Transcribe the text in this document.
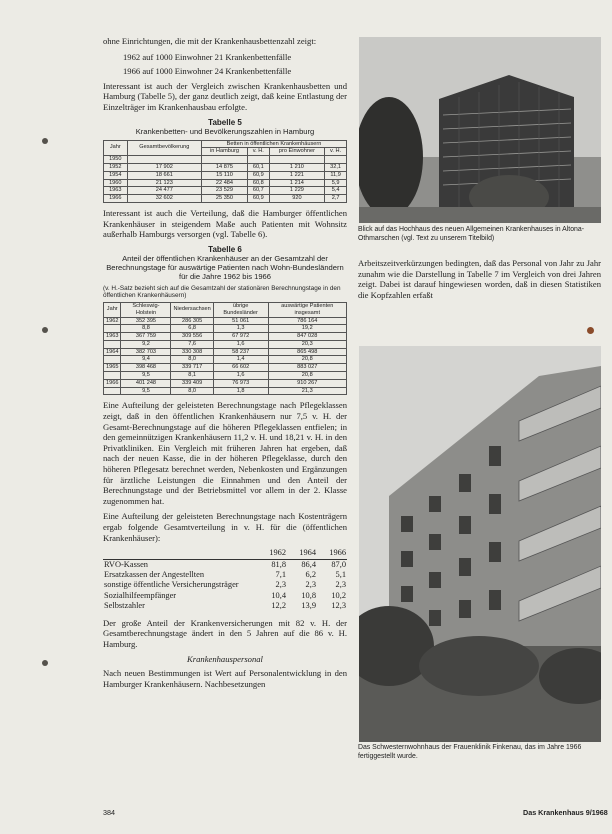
ohne Einrichtungen, die mit der Krankenhausbettenzahl zeigt:

1962 auf 1000 Einwohner 21 Krankenbettenfälle

1966 auf 1000 Einwohner 24 Krankenbettenfälle

Interessant ist auch der Vergleich zwischen Krankenhausbetten und Hamburg (Tabelle 5), der ganz deutlich zeigt, daß keine Entlastung der Einzelträger im Krankenhausbau erfolgte.

Tabelle 5
Krankenbetten- und Bevölkerungszahlen in Hamburg
Jahr	Gesamtbevölkerung	Betten in öffentlichen Krankenhäusern			
		in Hamburg	v. H.	pro Einwohner	v. H.
1950					
1952	17 902	14 875	60,1	1 210	32,1
1954	18 661	15 110	60,9	1 221	11,9
1960	21 123	22 484	60,8	1 214	5,9
1963	24 477	23 529	60,7	1 229	5,4
1966	32 602	25 350	60,9	920	2,7

Interessant ist auch die Verteilung, daß die Hamburger öffentlichen Krankenhäuser in steigendem Maße auch Patienten mit Wohnsitz außerhalb Hamburgs versorgen (vgl. Tabelle 6).

Tabelle 6
Anteil der öffentlichen Krankenhäuser an der Gesamtzahl der Berechnungstage für auswärtige Patienten nach Wohn-Bundesländern für die Jahre 1962 bis 1966
(v. H.-Satz bezieht sich auf die Gesamtzahl der stationären Berechnungstage in den öffentlichen Krankenhäusern)
Jahr	Schleswig-Holstein	Niedersachsen	übrige Bundesländer	auswärtige Patienten insgesamt
1962	352 395	286 305	51 061	786 164
	8,8	6,8	1,3	19,2
1963	367 759	309 556	67 972	847 028
	9,2	7,6	1,6	20,3
1964	382 703	330 308	58 237	865 498
	9,4	8,0	1,4	20,8
1965	398 468	339 717	66 602	883 027
	9,5	8,1	1,6	20,8
1966	401 248	339 409	76 973	910 267
	9,5	8,0	1,8	21,3

Eine Aufteilung der geleisteten Berechnungstage nach Pflegeklassen zeigt, daß in den öffentlichen Krankenhäusern nur 7,5 v. H. der Gesamt-Berechnungstage auf die höheren Pflegeklassen entfielen; in den gemeinnützigen Krankenhäusern 11,2 v. H. und 18,21 v. H. in den Privatkliniken. Ein Vergleich mit früheren Jahren hat ergeben, daß nach der neuen Kasse, die in der höheren Pflegeklasse, durch den höheren Pflegesatz berechnet werden, Nebenkosten und Ergänzungen für ärztliche Leistungen die Einnahmen und den Anteil der Berechnungstage und der Betriebsmittel vor allem in der 2. Klasse zugenommen hat.

Eine Aufteilung der geleisteten Berechnungstage nach Kostenträgern ergab folgende Gesamtverteilung in v. H. für die (öffentlichen Krankenhäuser):

	1962	1964	1966
RVO-Kassen	81,8	86,4	87,0
Ersatzkassen der Angestellten	7,1	6,2	5,1
sonstige öffentliche Versicherungsträger	2,3	2,3	2,3
Sozialhilfeempfänger	10,4	10,8	10,2
Selbstzahler	12,2	13,9	12,3

Der große Anteil der Krankenversicherungen mit 82 v. H. der Gesamtberechnungstage ändert in den 5 Jahren auf die 86 v. H. Hamburg.

Krankenhauspersonal

Nach neuen Bestimmungen ist Wert auf Personalentwicklung in den Hamburger Krankenhäusern. Nachbesetzungen

Blick auf das Hochhaus des neuen Allgemeinen Krankenhauses in Altona-Othmarschen (vgl. Text zu unserem Titelbild)

Arbeitszeitverkürzungen bedingten, daß das Personal von Jahr zu Jahr zunahm wie die Darstellung in Tabelle 7 im Vergleich von drei Jahren zeigt. Dabei ist darauf hingewiesen worden, daß in diesen Statistiken die Kopfzahlen erfaßt

Das Schwesternwohnhaus der Frauenklinik Finkenau, das im Jahre 1966 fertiggestellt wurde.
384	Das Krankenhaus 9/1968
